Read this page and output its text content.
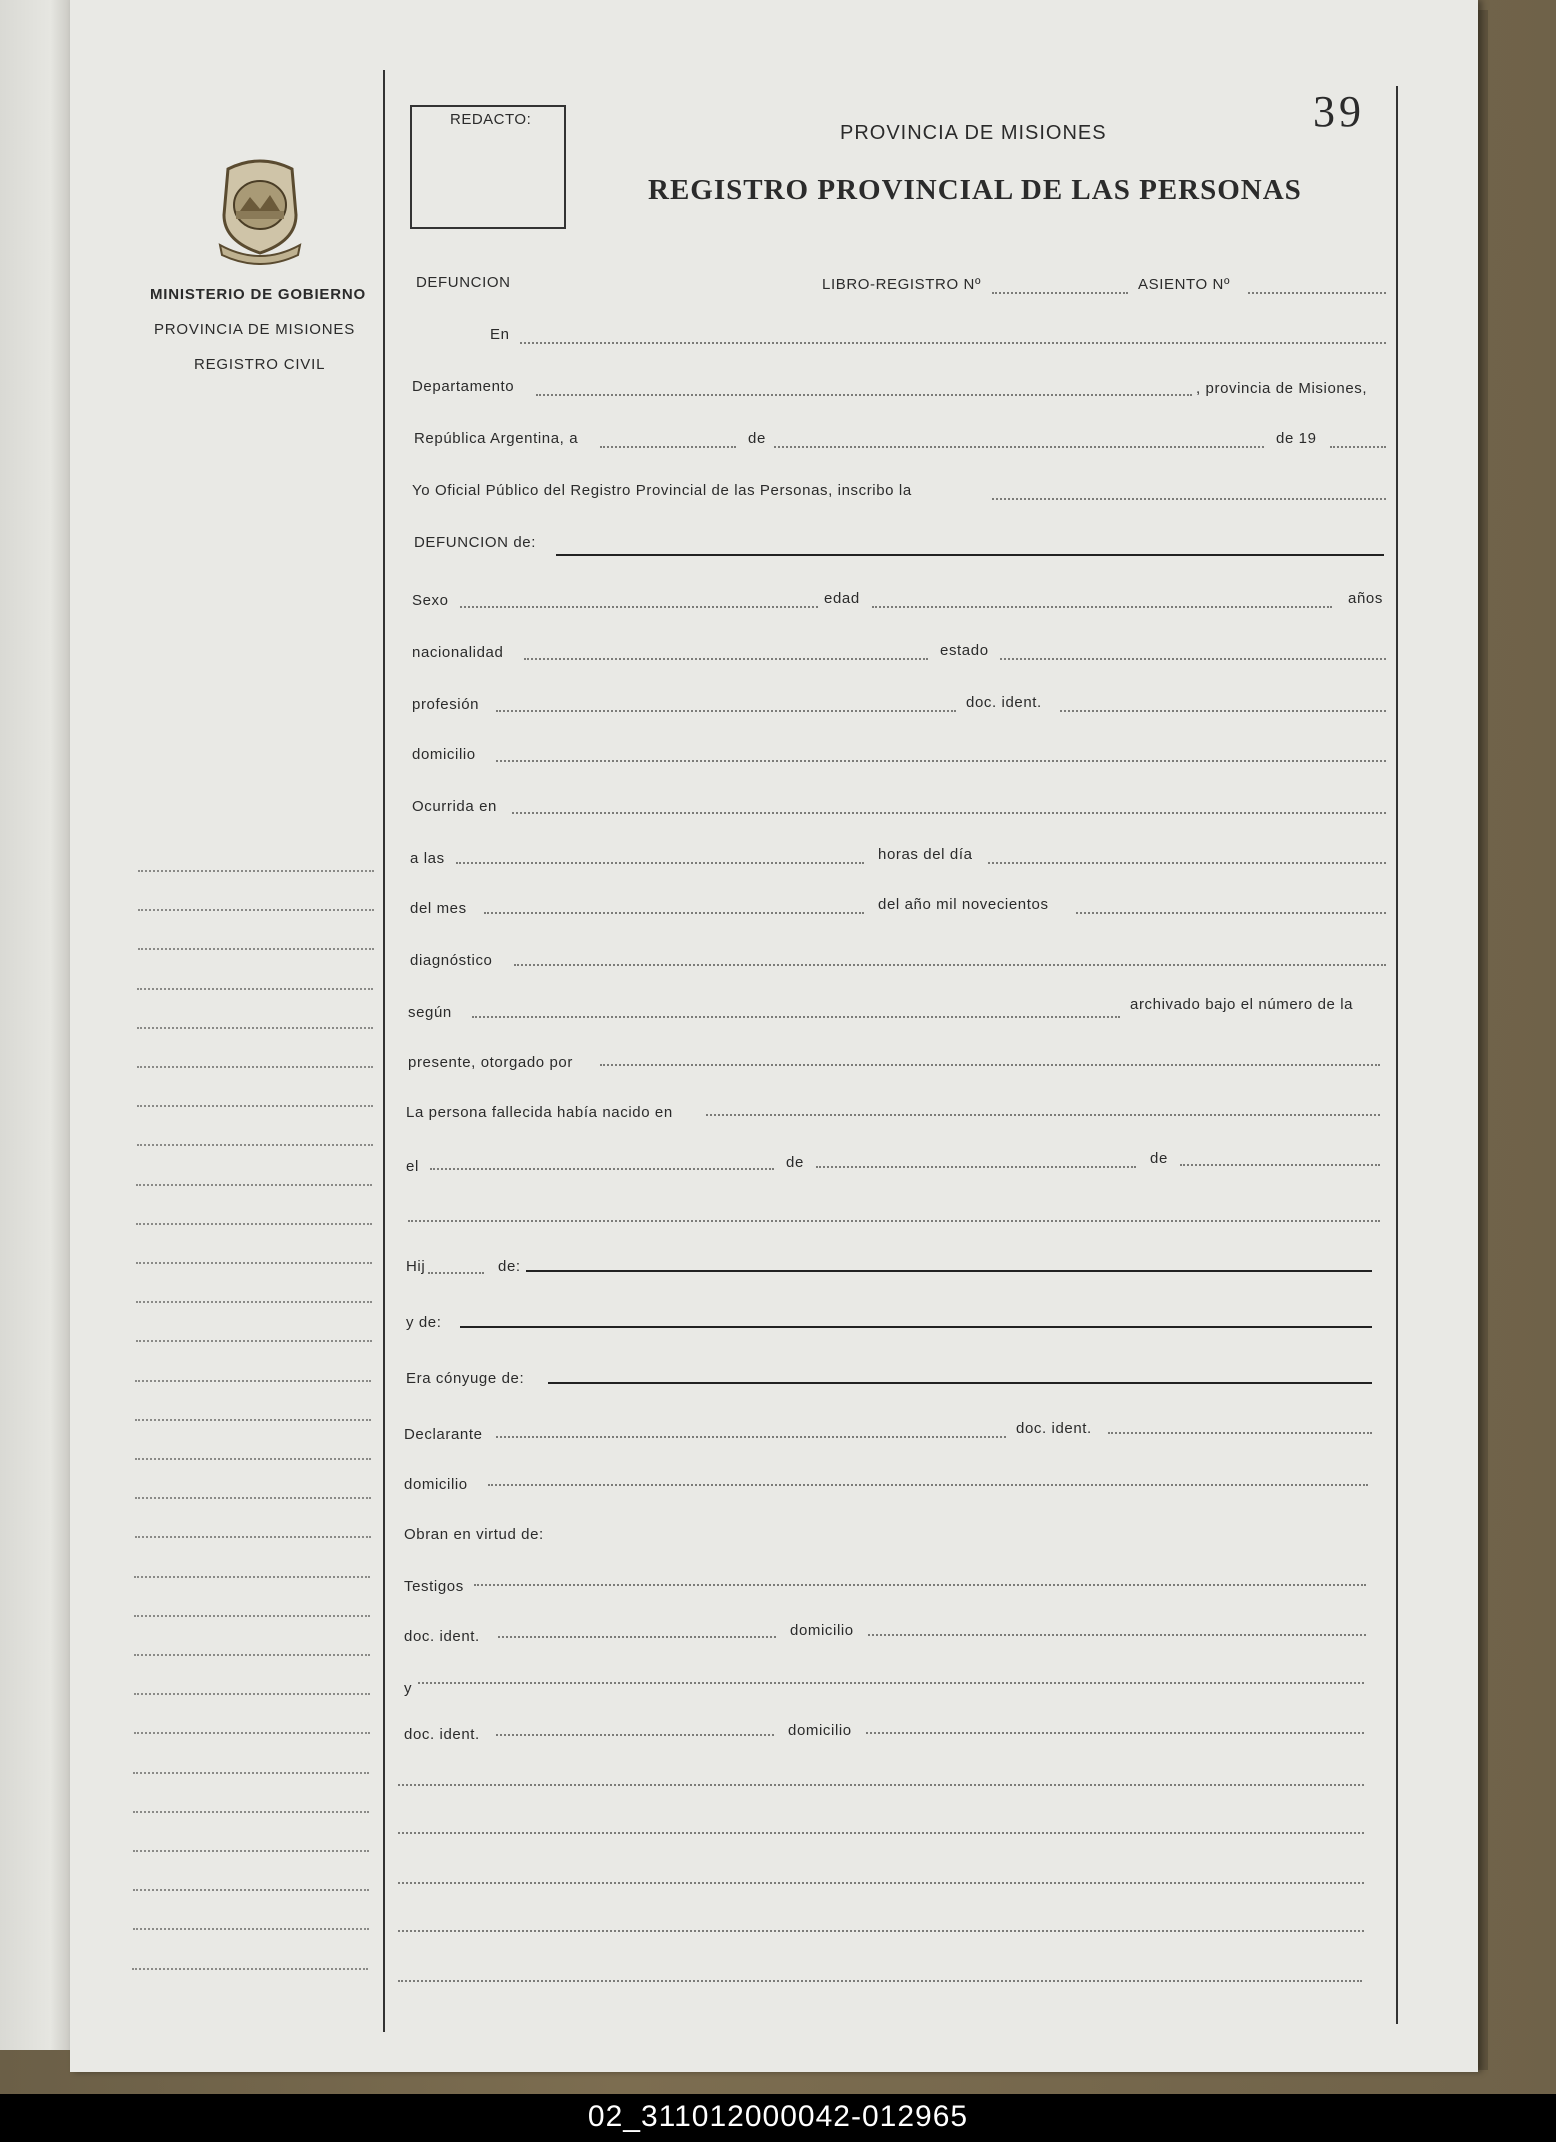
MINISTERIO DE GOBIERNO
PROVINCIA DE MISIONES
REGISTRO CIVIL
REDACTO:
PROVINCIA DE MISIONES
REGISTRO PROVINCIAL DE LAS PERSONAS
39
DEFUNCION	LIBRO-REGISTRO Nº	ASIENTO Nº
En
Departamento	, provincia de Misiones,
República Argentina, a	de	de 19
Yo Oficial Público del Registro Provincial de las Personas, inscribo la
DEFUNCION de:
Sexo	edad	años
nacionalidad	estado
profesión	doc. ident.
domicilio
Ocurrida en
a las	horas del día
del mes	del año mil novecientos
diagnóstico
según	archivado bajo el número de la
presente, otorgado por
La persona fallecida había nacido en
el	de	de
Hij	de:
y de:
Era cónyuge de:
Declarante	doc. ident.
domicilio
Obran en virtud de:
Testigos
doc. ident.	domicilio
y
doc. ident.	domicilio
02_311012000042-012965
